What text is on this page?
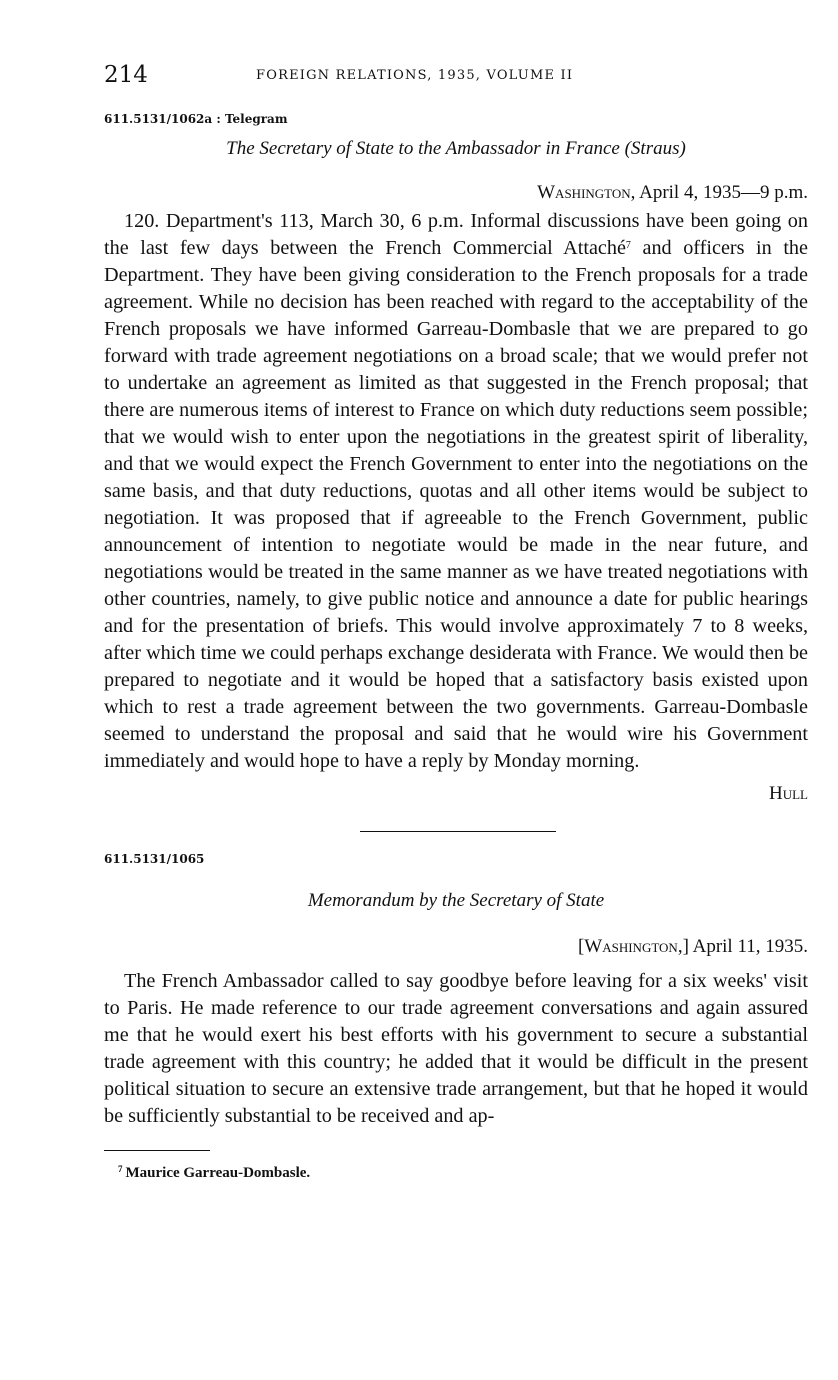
214	FOREIGN RELATIONS, 1935, VOLUME II
611.5131/1062a : Telegram
The Secretary of State to the Ambassador in France (Straus)
Washington, April 4, 1935—9 p.m.

120. Department's 113, March 30, 6 p.m. Informal discussions have been going on the last few days between the French Commercial Attaché$^7$ and officers in the Department. They have been giving consideration to the French proposals for a trade agreement. While no decision has been reached with regard to the acceptability of the French proposals we have informed Garreau-Dombasle that we are prepared to go forward with trade agreement negotiations on a broad scale; that we would prefer not to undertake an agreement as limited as that suggested in the French proposal; that there are numerous items of interest to France on which duty reductions seem possible; that we would wish to enter upon the negotiations in the greatest spirit of liberality, and that we would expect the French Government to enter into the negotiations on the same basis, and that duty reductions, quotas and all other items would be subject to negotiation. It was proposed that if agreeable to the French Government, public announcement of intention to negotiate would be made in the near future, and negotiations would be treated in the same manner as we have treated negotiations with other countries, namely, to give public notice and announce a date for public hearings and for the presentation of briefs. This would involve approximately 7 to 8 weeks, after which time we could perhaps exchange desiderata with France. We would then be prepared to negotiate and it would be hoped that a satisfactory basis existed upon which to rest a trade agreement between the two governments. Garreau-Dombasle seemed to understand the proposal and said that he would wire his Government immediately and would hope to have a reply by Monday morning.

Hull
611.5131/1065
Memorandum by the Secretary of State
[Washington,] April 11, 1935.

The French Ambassador called to say goodbye before leaving for a six weeks' visit to Paris. He made reference to our trade agreement conversations and again assured me that he would exert his best efforts with his government to secure a substantial trade agreement with this country; he added that it would be difficult in the present political situation to secure an extensive trade arrangement, but that he hoped it would be sufficiently substantial to be received and ap-

$^7$ Maurice Garreau-Dombasle.
